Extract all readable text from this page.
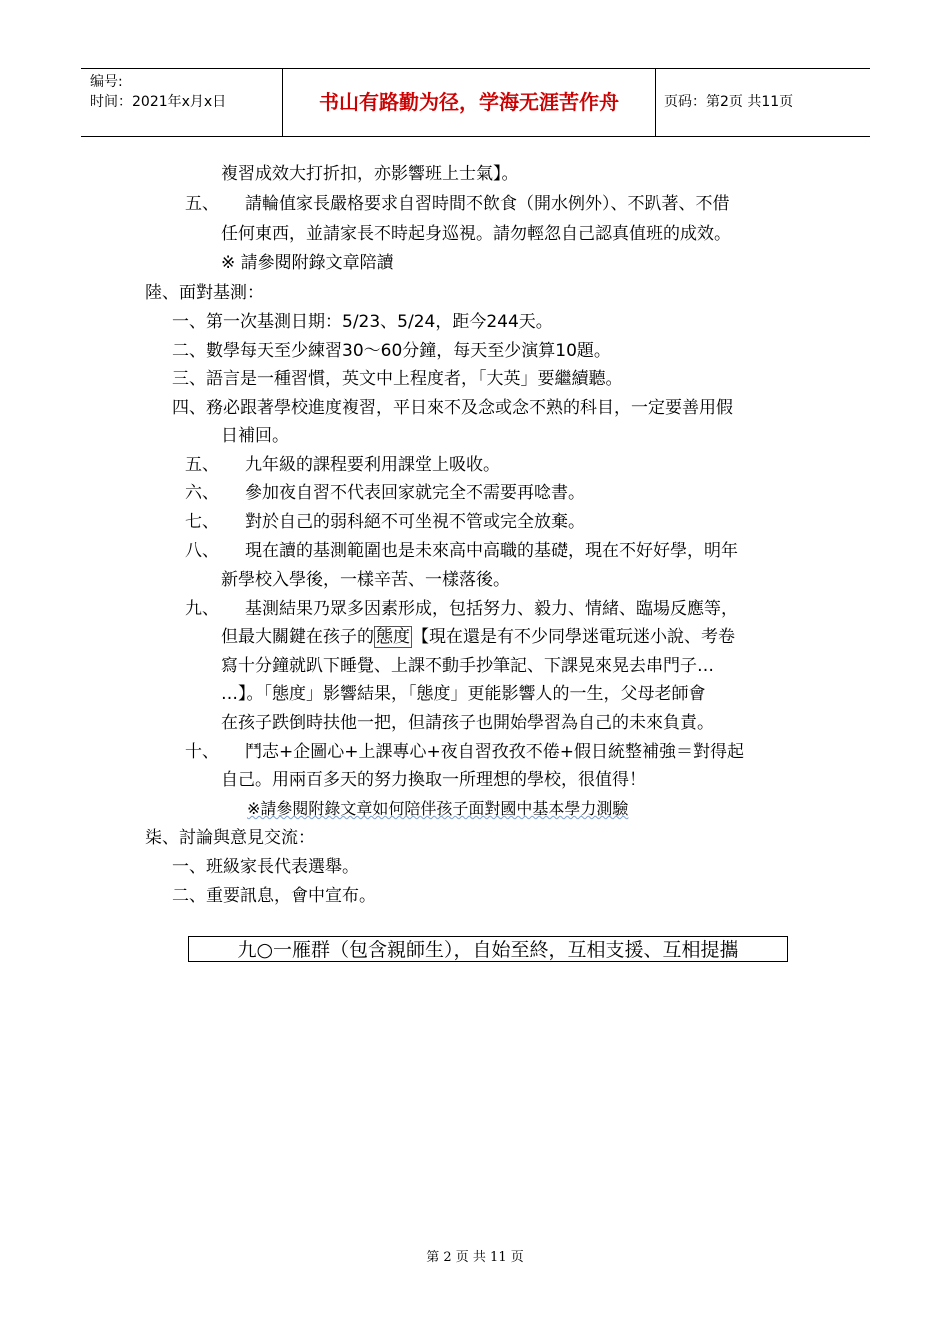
编号:
时间：2021年x月x日	书山有路勤为径，学海无涯苦作舟	页码：第2页 共11页
複習成效大打折扣，亦影響班上士氣】。
五、 請輪值家長嚴格要求自習時間不飲食（開水例外）、不趴著、不借
任何東西，並請家長不時起身巡視。請勿輕忽自己認真值班的成效。
※ 請參閱附錄文章陪讀
陸、面對基測：
一、第一次基測日期：5/23、5/24，距今244天。
二、數學每天至少練習30～60分鐘，每天至少演算10題。
三、語言是一種習慣，英文中上程度者，「大英」要繼續聽。
四、務必跟著學校進度複習，平日來不及念或念不熟的科目，一定要善用假
日補回。
五、 九年級的課程要利用課堂上吸收。
六、 參加夜自習不代表回家就完全不需要再唸書。
七、 對於自己的弱科絕不可坐視不管或完全放棄。
八、 現在讀的基測範圍也是未來高中高職的基礎，現在不好好學，明年
新學校入學後，一樣辛苦、一樣落後。
九、 基測結果乃眾多因素形成，包括努力、毅力、情緒、臨場反應等，
但最大關鍵在孩子的 態度 【現在還是有不少同學迷電玩迷小說、考卷
寫十分鐘就趴下睡覺、上課不動手抄筆記、下課晃來晃去串門子…
…】。「態度」影響結果，「態度」更能影響人的一生，父母老師會
在孩子跌倒時扶他一把，但請孩子也開始學習為自己的未來負責。
十、 鬥志+企圖心+上課專心+夜自習孜孜不倦+假日統整補強＝對得起
自己。用兩百多天的努力換取一所理想的學校，很值得！
※請參閱附錄文章如何陪伴孩子面對國中基本學力測驗
柒、討論與意見交流：
一、班級家長代表選舉。
二、重要訊息，會中宣布。
九○一雁群（包含親師生），自始至終，互相支援、互相提攜
第 2 页 共 11 页
